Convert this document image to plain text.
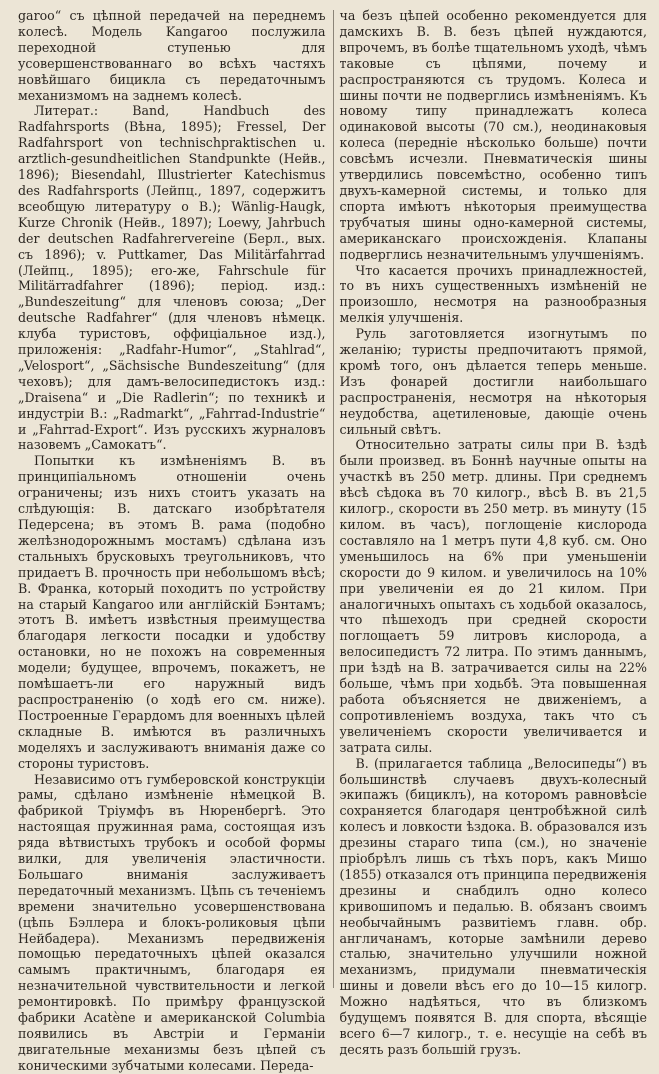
garoo“ съ цѣпной передачей на переднемъ колесѣ. Модель Kangaroo послужила переходной ступенью для усовершенствованнаго во всѣхъ частяхъ новѣйшаго бицикла съ передаточнымъ механизмомъ на заднемъ колесѣ.

Литерат.: Band, Handbuch des Radfahrsports (Вѣна, 1895); Fressel, Der Radfahrsport von technischpraktischen u. arztlich-gesundheitlichen Standpunkte (Нейв., 1896); Biesendahl, Illustrierter Katechismus des Radfahrsports (Лейпц., 1897, содержитъ всеобщую литературу о В.); Wänlig-Haugk, Kurze Chronik (Нейв., 1897); Loewy, Jahrbuch der deutschen Radfahrervereine (Берл., вых. съ 1896); v. Puttkamer, Das Militärfahrrad (Лейпц., 1895); его-же, Fahrschule für Militärradfahrer (1896); період. изд.: „Bundeszeitung“ для членовъ союза; „Der deutsche Radfahrer“ (для членовъ нѣмецк. клуба туристовъ, оффиціальное изд.), приложенія: „Radfahr-Humor“, „Stahlrad“, „Velosport“, „Sächsische Bundeszeitung“ (для чеховъ); для дамъ-велосипедистокъ изд.: „Draisena“ и „Die Radlerin“; по техникѣ и индустріи В.: „Radmarkt“, „Fahrrad-Industrie“ и „Fahrrad-Export“. Изъ русскихъ журналовъ назовемъ „Самокатъ“.

Попытки къ измѣненіямъ В. въ принципіальномъ отношеніи очень ограничены; изъ нихъ стоитъ указать на слѣдующія: В. датскаго изобрѣтателя Педерсена; въ этомъ В. рама (подобно желѣзнодорожнымъ мостамъ) сдѣлана изъ стальныхъ брусковыхъ треугольниковъ, что придаетъ В. прочность при небольшомъ вѣсѣ; В. Франка, который походитъ по устройству на старый Kangaroo или англійскій Бэнтамъ; этотъ В. имѣетъ извѣстныя преимущества благодаря легкости посадки и удобству остановки, но не похожъ на современныя модели; будущее, впрочемъ, покажетъ, не помѣшаетъ-ли его наружный видъ распространенію (о ходѣ его см. ниже). Построенные Герардомъ для военныхъ цѣлей складные В. имѣются въ различныхъ моделяхъ и заслуживаютъ вниманія даже со стороны туристовъ.

Независимо отъ гумберовской конструкціи рамы, сдѣлано измѣненіе нѣмецкой В. фабрикой Тріумфъ въ Нюренбергѣ. Это настоящая пружинная рама, состоящая изъ ряда вѣтвистыхъ трубокъ и особой формы вилки, для увеличенія эластичности. Большаго вниманія заслуживаетъ передаточный механизмъ. Цѣпь съ теченіемъ времени значительно усовершенствована (цѣпь Бэллера и блокъ-роликовыя цѣпи Нейбадера). Механизмъ передвиженія помощью передаточныхъ цѣпей оказался самымъ практичнымъ, благодаря ея незначительной чувствительности и легкой ремонтировкѣ. По примѣру французской фабрики Acatène и американской Columbia появились въ Австріи и Германіи двигательные механизмы безъ цѣпей съ коническими зубчатыми колесами. Переда-

ча безъ цѣпей особенно рекомендуется для дамскихъ В. В. безъ цѣпей нуждаются, впрочемъ, въ болѣе тщательномъ уходѣ, чѣмъ таковые съ цѣпями, почему и распространяются съ трудомъ. Колеса и шины почти не подверглись измѣненіямъ. Къ новому типу принадлежатъ колеса одинаковой высоты (70 см.), неодинаковыя колеса (передніе нѣсколько больше) почти совсѣмъ исчезли. Пневматическія шины утвердились повсемѣстно, особенно типъ двухъ-камерной системы, и только для спорта имѣютъ нѣкоторыя преимущества трубчатыя шины одно-камерной системы, американскаго происхожденія. Клапаны подверглись незначительнымъ улучшеніямъ.

Что касается прочихъ принадлежностей, то въ нихъ существенныхъ измѣненій не произошло, несмотря на разнообразныя мелкія улучшенія.

Руль заготовляется изогнутымъ по желанію; туристы предпочитаютъ прямой, кромѣ того, онъ дѣлается теперь меньше. Изъ фонарей достигли наибольшаго распространенія, несмотря на нѣкоторыя неудобства, ацетиленовые, дающіе очень сильный свѣтъ.

Относительно затраты силы при В. ѣздѣ были произвед. въ Боннѣ научные опыты на участкѣ въ 250 метр. длины. При среднемъ вѣсѣ сѣдока въ 70 килогр., вѣсѣ В. въ 21,5 килогр., скорости въ 250 метр. въ минуту (15 килом. въ часъ), поглощеніе кислорода составляло на 1 метръ пути 4,8 куб. см. Оно уменьшилось на 6% при уменьшеніи скорости до 9 килом. и увеличилось на 10% при увеличеніи ея до 21 килом. При аналогичныхъ опытахъ съ ходьбой оказалось, что пѣшеходъ при средней скорости поглощаетъ 59 литровъ кислорода, а велосипедистъ 72 литра. По этимъ даннымъ, при ѣздѣ на В. затрачивается силы на 22% больше, чѣмъ при ходьбѣ. Эта повышенная работа объясняется не движеніемъ, а сопротивленіемъ воздуха, такъ что съ увеличеніемъ скорости увеличивается и затрата силы.

В. (прилагается таблица „Велосипеды“) въ большинствѣ случаевъ двухъ-колесный экипажъ (бициклъ), на которомъ равновѣсіе сохраняется благодаря центробѣжной силѣ колесъ и ловкости ѣздока. В. образовался изъ дрезины стараго типа (см.), но значеніе пріобрѣлъ лишь съ тѣхъ поръ, какъ Мишо (1855) отказался отъ принципа передвиженія дрезины и снабдилъ одно колесо кривошипомъ и педалью. В. обязанъ своимъ необычайнымъ развитіемъ главн. обр. англичанамъ, которые замѣнили дерево сталью, значительно улучшили ножной механизмъ, придумали пневматическія шины и довели вѣсъ его до 10—15 килогр. Можно надѣяться, что въ близкомъ будущемъ появятся В. для спорта, вѣсящіе всего 6—7 килогр., т. е. несущіе на себѣ въ десять разъ большій грузъ.
